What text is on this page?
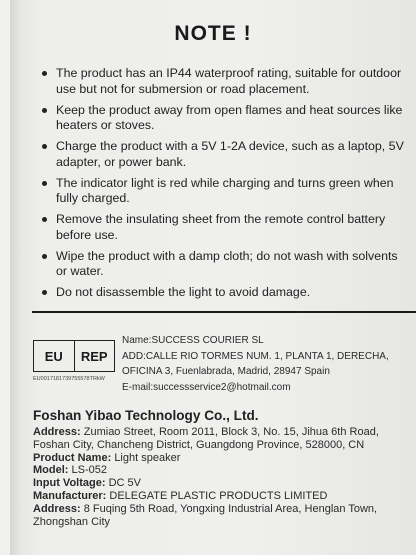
NOTE !
The product has an IP44 waterproof rating, suitable for outdoor use but not for submersion or road placement.
Keep the product away from open flames and heat sources like heaters or stoves.
Charge the product with a 5V 1-2A device, such as a laptop, 5V adapter, or power bank.
The indicator light is red while charging and turns green when fully charged.
Remove the insulating sheet from the remote control battery before use.
Wipe the product with a damp cloth; do not wash with solvents or water.
Do not disassemble the light to avoid damage.
EU	REP
EU0017181739755578TRkW
Name:SUCCESS COURIER SL
ADD:CALLE RIO TORMES NUM. 1, PLANTA 1, DERECHA,
OFICINA 3, Fuenlabrada, Madrid, 28947 Spain
E-mail:successservice2@hotmail.com
Foshan Yibao Technology Co., Ltd.
Address: Zumiao Street, Room 2011, Block 3, No. 15, Jihua 6th Road, Foshan City, Chancheng District, Guangdong Province, 528000, CN
Product Name: Light speaker
Model: LS-052
Input Voltage: DC 5V
Manufacturer: DELEGATE PLASTIC PRODUCTS LIMITED
Address: 8 Fuqing 5th Road, Yongxing Industrial Area, Henglan Town, Zhongshan City
